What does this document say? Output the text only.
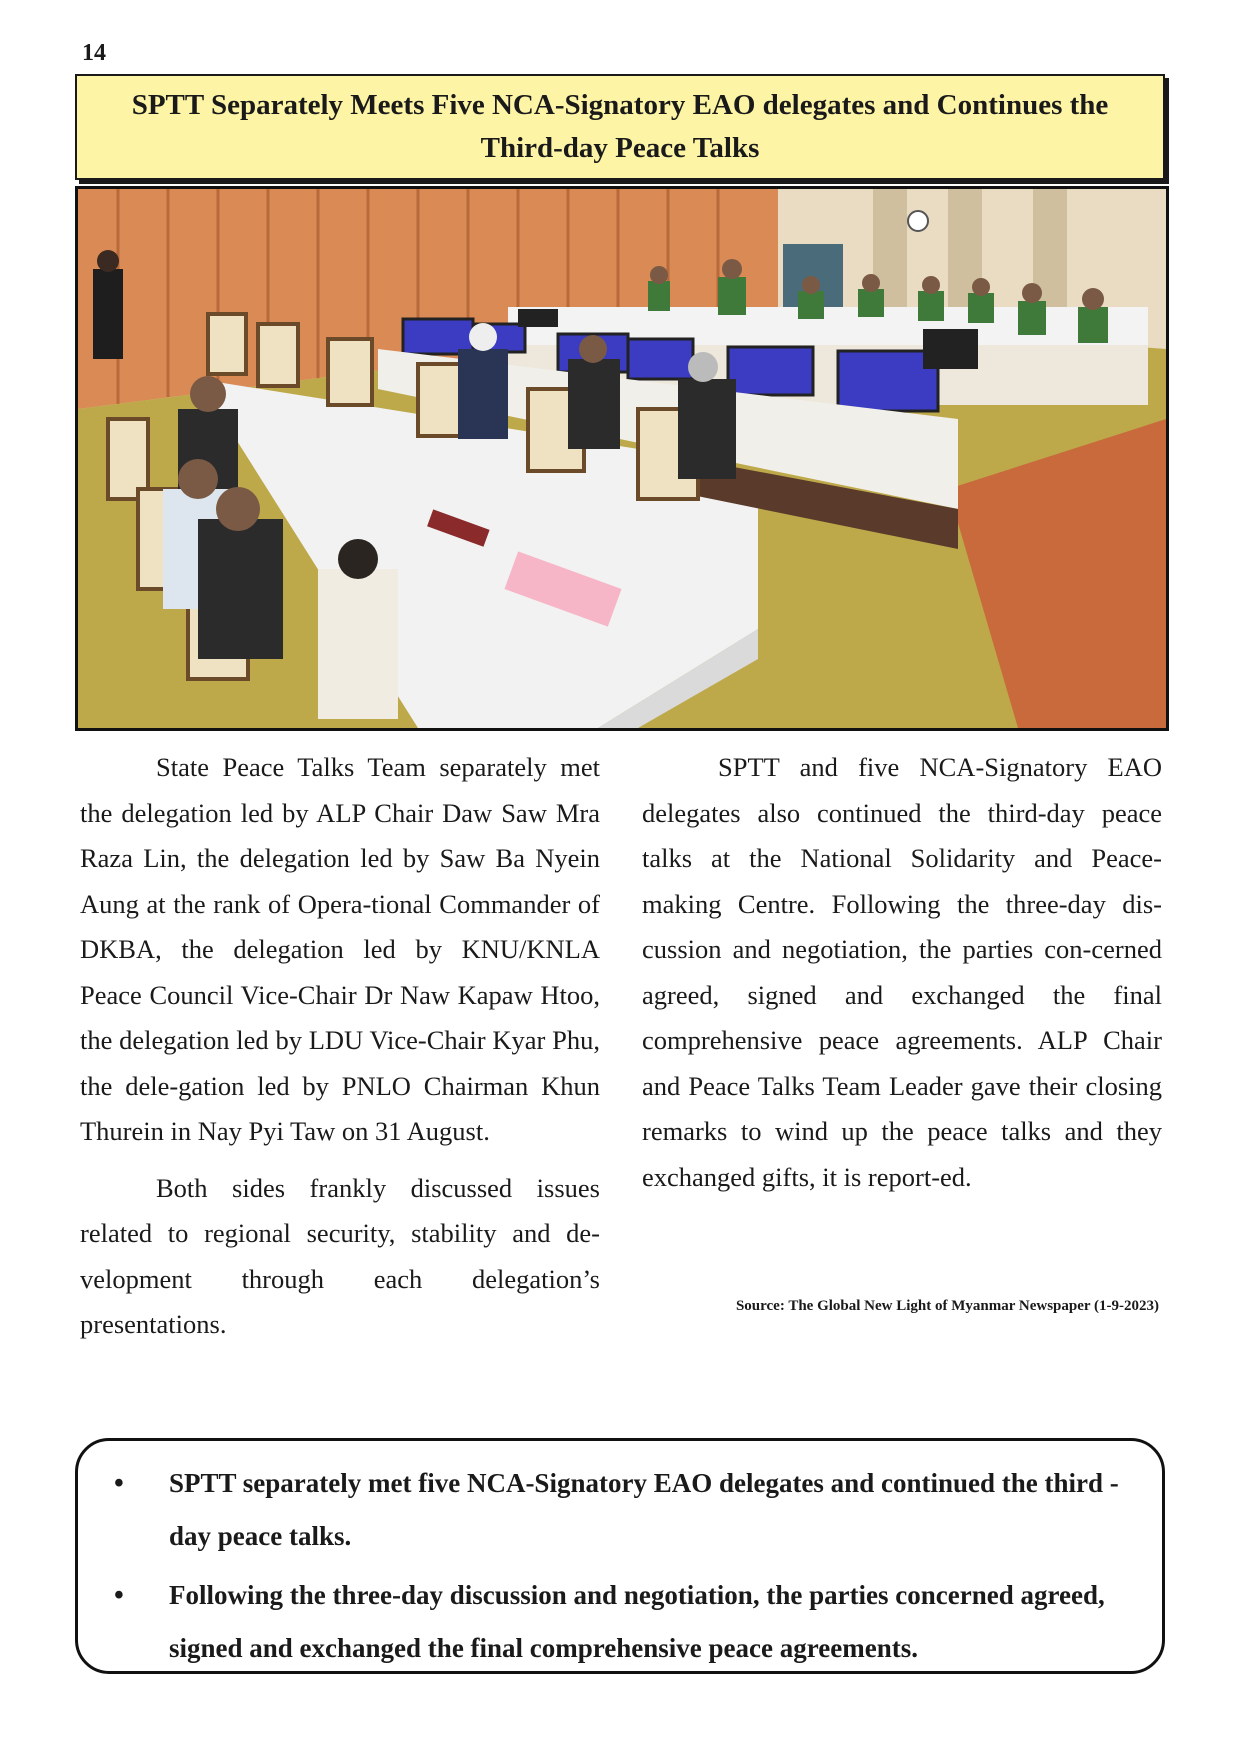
14
SPTT Separately Meets Five NCA-Signatory EAO delegates and Continues the Third-day Peace Talks

State Peace Talks Team separately met the delegation led by ALP Chair Daw Saw Mra Raza Lin, the delegation led by Saw Ba Nyein Aung at the rank of Opera-tional Commander of DKBA, the delegation led by KNU/KNLA Peace Council Vice-Chair Dr Naw Kapaw Htoo, the delegation led by LDU Vice-Chair Kyar Phu, the dele-gation led by PNLO Chairman Khun Thurein in Nay Pyi Taw on 31 August.

Both sides frankly discussed issues related to regional security, stability and de-velopment through each delegation’s presentations.

SPTT and five NCA-Signatory EAO delegates also continued the third-day peace talks at the National Solidarity and Peace-making Centre. Following the three-day dis-cussion and negotiation, the parties con-cerned agreed, signed and exchanged the final comprehensive peace agreements. ALP Chair and Peace Talks Team Leader gave their closing remarks to wind up the peace talks and they exchanged gifts, it is report-ed.

Source: The Global New Light of Myanmar Newspaper (1-9-2023)
• SPTT separately met five NCA-Signatory EAO delegates and continued the third -day peace talks.
• Following the three-day discussion and negotiation, the parties concerned agreed, signed and exchanged the final comprehensive peace agreements.
